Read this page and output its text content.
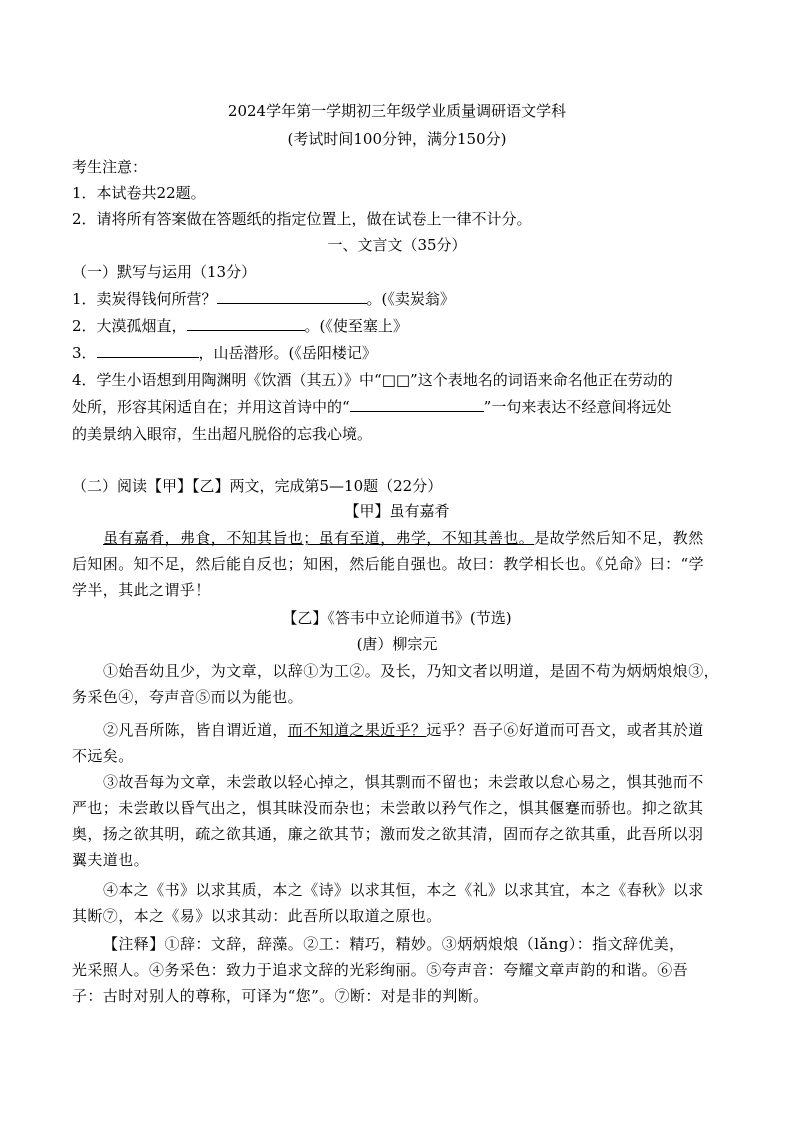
2024学年第一学期初三年级学业质量调研语文学科
(考试时间100分钟，满分150分)
考生注意：
1．本试卷共22题。
2．请将所有答案做在答题纸的指定位置上，做在试卷上一律不计分。
一、文言文（35分）
（一）默写与运用（13分）
1．卖炭得钱何所营？	。(《卖炭翁》
2．大漠孤烟直，	。(《使至塞上》
3．	，山岳潜形。(《岳阳楼记》
4．学生小语想到用陶渊明《饮酒（其五）》中“□□”这个表地名的词语来命名他正在劳动的
处所，形容其闲适自在；并用这首诗中的“	”一句来表达不经意间将远处
的美景纳入眼帘，生出超凡脱俗的忘我心境。
（二）阅读【甲】【乙】两文，完成第5—10题（22分）
【甲】虽有嘉肴
虽有嘉肴，弗食，不知其旨也；虽有至道，弗学，不知其善也。是故学然后知不足，教然
后知困。知不足，然后能自反也；知困，然后能自强也。故曰：教学相长也。《兑命》曰：“学
学半，其此之谓乎！
【乙】《答韦中立论师道书》(节选)
(唐）柳宗元
①始吾幼且少，为文章，以辞①为工②。及长，乃知文者以明道，是固不苟为炳炳烺烺③，
务采色④，夸声音⑤而以为能也。
②凡吾所陈，皆自谓近道，而不知道之果近乎？远乎？吾子⑥好道而可吾文，或者其於道
不远矣。
③故吾每为文章，未尝敢以轻心掉之，惧其剽而不留也；未尝敢以怠心易之，惧其弛而不
严也；未尝敢以昏气出之，惧其昧没而杂也；未尝敢以矜气作之，惧其偃蹇而骄也。抑之欲其
奥，扬之欲其明，疏之欲其通，廉之欲其节；激而发之欲其清，固而存之欲其重，此吾所以羽
翼夫道也。
④本之《书》以求其质，本之《诗》以求其恒，本之《礼》以求其宜，本之《春秋》以求
其断⑦，本之《易》以求其动：此吾所以取道之原也。
【注释】①辞：文辞，辞藻。②工：精巧，精妙。③炳炳烺烺（lǎng）：指文辞优美，
光采照人。④务采色：致力于追求文辞的光彩绚丽。⑤夸声音：夸耀文章声韵的和谐。⑥吾
子：古时对别人的尊称，可译为“您”。⑦断：对是非的判断。
